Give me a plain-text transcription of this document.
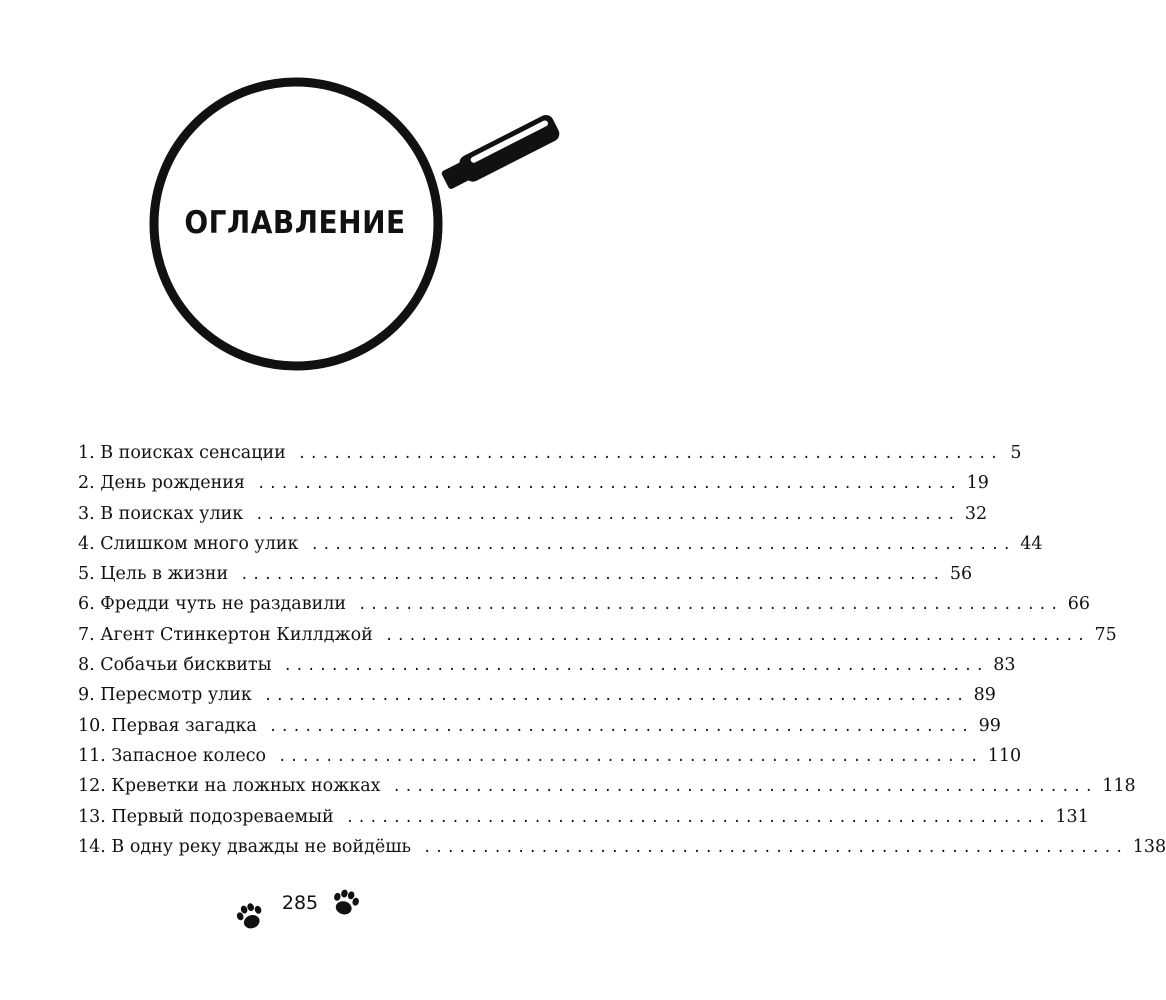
ОГЛАВЛЕНИЕ
1. В поисках сенсации ............................................................ 5
2. День рождения ............................................................ 19
3. В поисках улик ............................................................ 32
4. Слишком много улик ............................................................ 44
5. Цель в жизни ............................................................ 56
6. Фредди чуть не раздавили ............................................................ 66
7. Агент Стинкертон Киллджой ............................................................ 75
8. Собачьи бисквиты ............................................................ 83
9. Пересмотр улик ............................................................ 89
10. Первая загадка ............................................................ 99
11. Запасное колесо ............................................................ 110
12. Креветки на ложных ножках ............................................................ 118
13. Первый подозреваемый ............................................................ 131
14. В одну реку дважды не войдёшь ............................................................ 138
285
